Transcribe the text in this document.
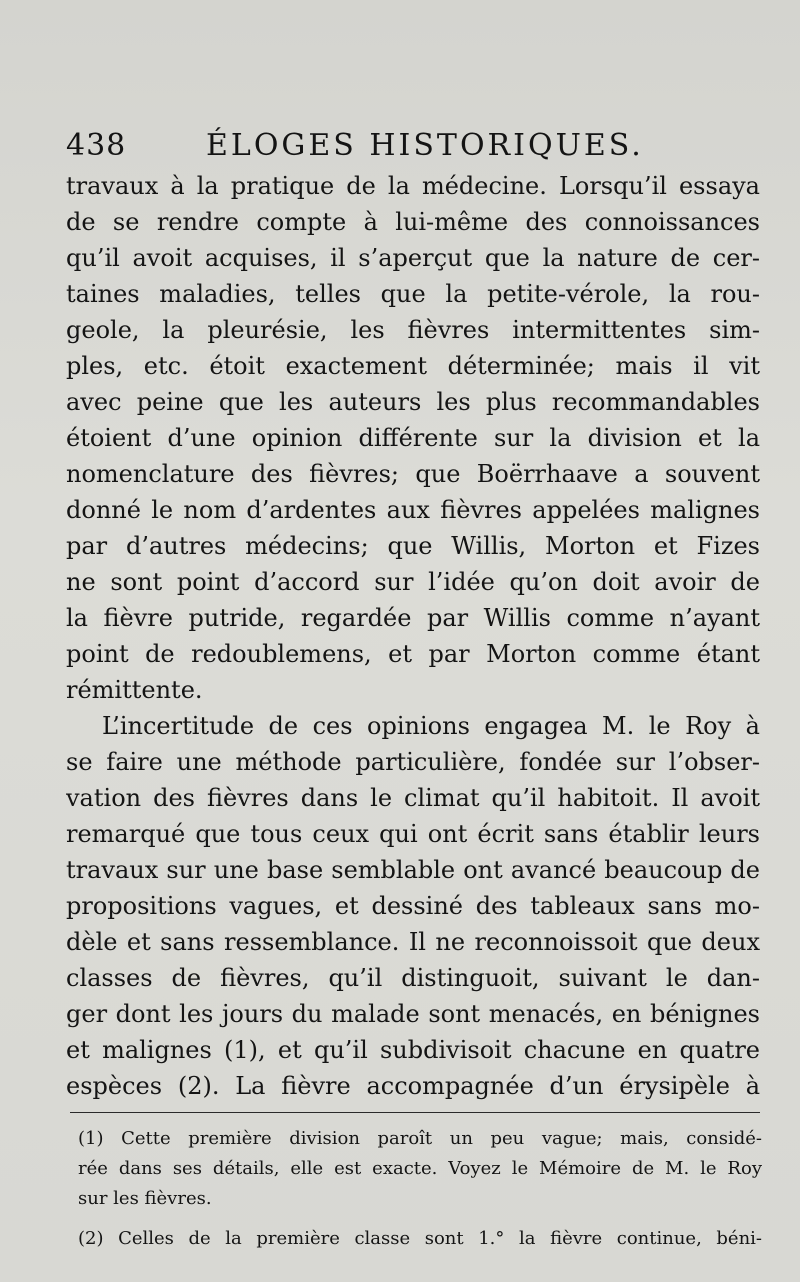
438	ÉLOGES HISTORIQUES.
travaux à la pratique de la médecine. Lorsqu’il essaya
de se rendre compte à lui-même des connoissances
qu’il avoit acquises, il s’aperçut que la nature de cer-
taines maladies, telles que la petite-vérole, la rou-
geole, la pleurésie, les fièvres intermittentes sim-
ples, etc. étoit exactement déterminée; mais il vit
avec peine que les auteurs les plus recommandables
étoient d’une opinion différente sur la division et la
nomenclature des fièvres; que Boërrhaave a souvent
donné le nom d’ardentes aux fièvres appelées malignes
par d’autres médecins; que Willis, Morton et Fizes
ne sont point d’accord sur l’idée qu’on doit avoir de
la fièvre putride, regardée par Willis comme n’ayant
point de redoublemens, et par Morton comme étant
rémittente.
L’incertitude de ces opinions engagea M. le Roy à
se faire une méthode particulière, fondée sur l’obser-
vation des fièvres dans le climat qu’il habitoit. Il avoit
remarqué que tous ceux qui ont écrit sans établir leurs
travaux sur une base semblable ont avancé beaucoup de
propositions vagues, et dessiné des tableaux sans mo-
dèle et sans ressemblance. Il ne reconnoissoit que deux
classes de fièvres, qu’il distinguoit, suivant le dan-
ger dont les jours du malade sont menacés, en bénignes
et malignes (1), et qu’il subdivisoit chacune en quatre
espèces (2). La fièvre accompagnée d’un érysipèle à
(1) Cette première division paroît un peu vague; mais, considé-
rée dans ses détails, elle est exacte. Voyez le Mémoire de M. le Roy
sur les fièvres.
(2) Celles de la première classe sont 1.° la fièvre continue, béni-
